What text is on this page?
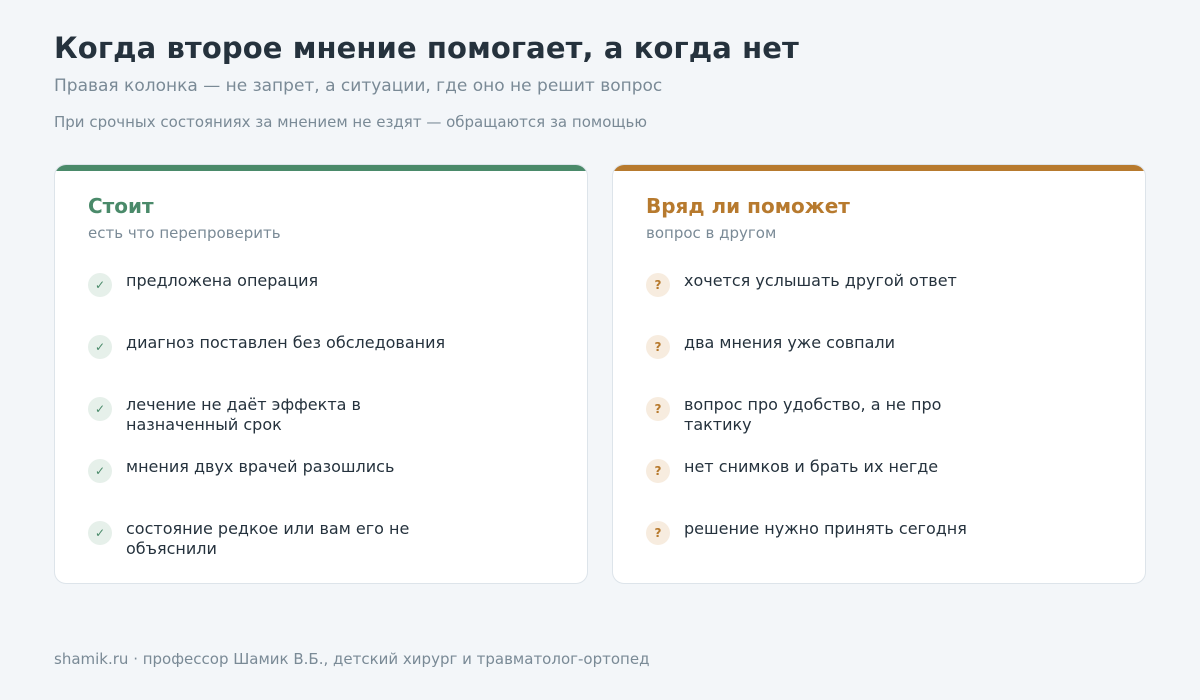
Когда второе мнение помогает, а когда нет
Правая колонка — не запрет, а ситуации, где оно не решит вопрос
При срочных состояниях за мнением не ездят — обращаются за помощью
Стоит
есть что перепроверить
✓	предложена операция
✓	диагноз поставлен без обследования
✓	лечение не даёт эффекта в назначенный срок
✓	мнения двух врачей разошлись
✓	состояние редкое или вам его не объяснили
Вряд ли поможет
вопрос в другом
?	хочется услышать другой ответ
?	два мнения уже совпали
?	вопрос про удобство, а не про тактику
?	нет снимков и брать их негде
?	решение нужно принять сегодня
shamik.ru · профессор Шамик В.Б., детский хирург и травматолог-ортопед
